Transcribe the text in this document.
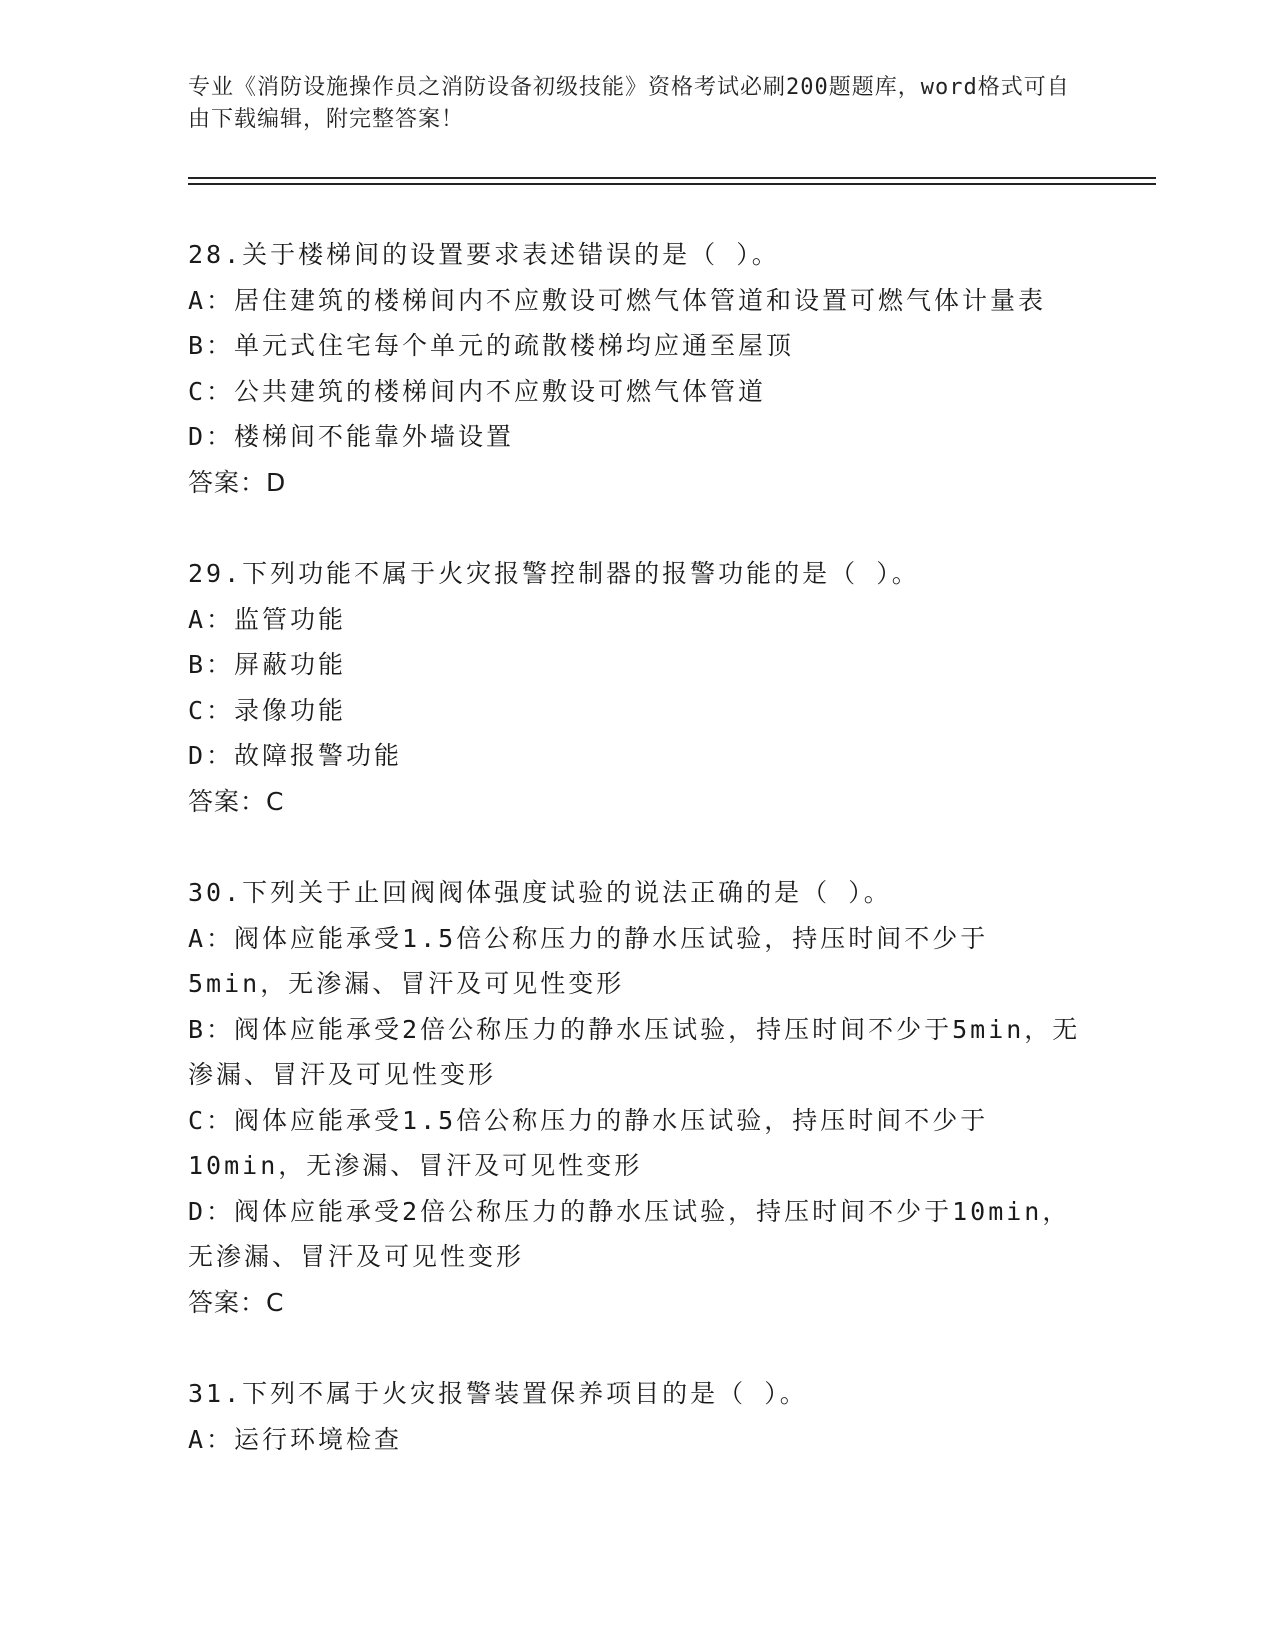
专业《消防设施操作员之消防设备初级技能》资格考试必刷200题题库，word格式可自由下载编辑，附完整答案！
28.关于楼梯间的设置要求表述错误的是（ ）。
A：居住建筑的楼梯间内不应敷设可燃气体管道和设置可燃气体计量表
B：单元式住宅每个单元的疏散楼梯均应通至屋顶
C：公共建筑的楼梯间内不应敷设可燃气体管道
D：楼梯间不能靠外墙设置
答案：D
29.下列功能不属于火灾报警控制器的报警功能的是（ ）。
A：监管功能
B：屏蔽功能
C：录像功能
D：故障报警功能
答案：C
30.下列关于止回阀阀体强度试验的说法正确的是（ ）。
A：阀体应能承受1.5倍公称压力的静水压试验，持压时间不少于5min，无渗漏、冒汗及可见性变形
B：阀体应能承受2倍公称压力的静水压试验，持压时间不少于5min，无渗漏、冒汗及可见性变形
C：阀体应能承受1.5倍公称压力的静水压试验，持压时间不少于10min，无渗漏、冒汗及可见性变形
D：阀体应能承受2倍公称压力的静水压试验，持压时间不少于10min，无渗漏、冒汗及可见性变形
答案：C
31.下列不属于火灾报警装置保养项目的是（ ）。
A：运行环境检查
